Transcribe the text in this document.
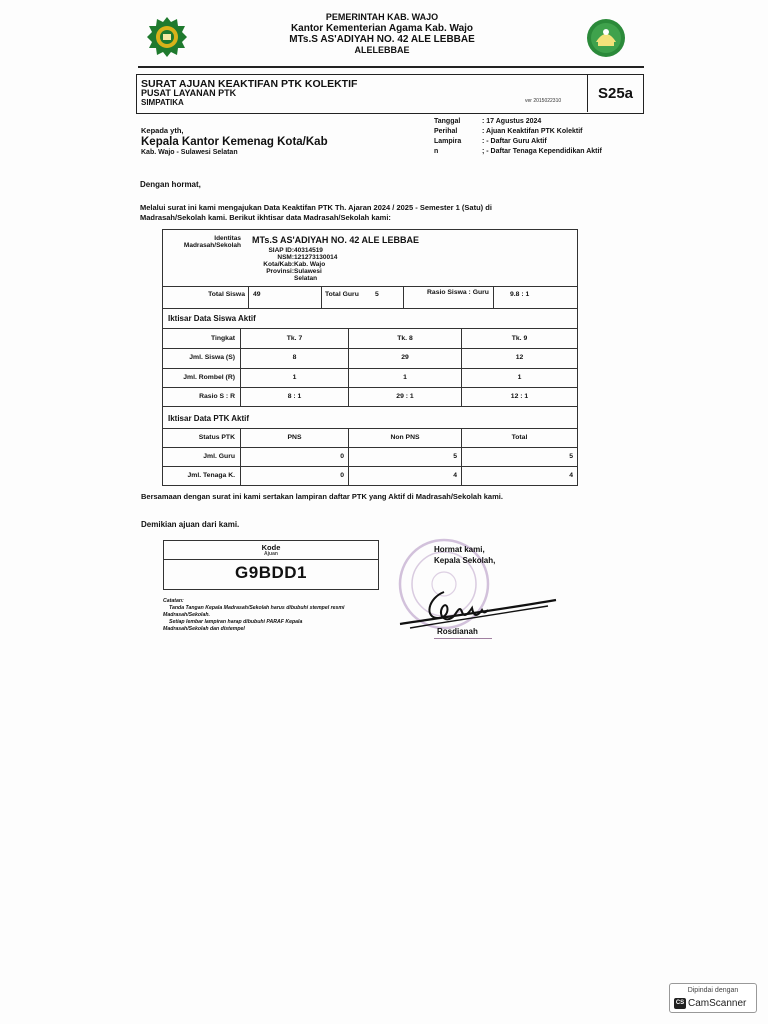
PEMERINTAH KAB. WAJO
Kantor Kementerian Agama Kab. Wajo
MTs.S AS'ADIYAH NO. 42 ALE LEBBAE
ALELEBBAE
SURAT AJUAN KEAKTIFAN PTK KOLEKTIF
PUSAT LAYANAN PTK
SIMPATIKA	ver 2015022310	S25a
Kepada yth,
Kepala Kantor Kemenag Kota/Kab
Kab. Wajo - Sulawesi Selatan
Tanggal	: 17 Agustus 2024
Perihal	: Ajuan Keaktifan PTK Kolektif
Lampira	: - Daftar Guru Aktif
n	; - Daftar Tenaga Kependidikan Aktif
Dengan hormat,
Melalui surat ini kami mengajukan Data Keaktifan PTK Th. Ajaran 2024 / 2025 - Semester 1 (Satu) di
Madrasah/Sekolah kami. Berikut ikhtisar data Madrasah/Sekolah kami:
Identitas Madrasah/Sekolah
MTs.S AS'ADIYAH NO. 42 ALE LEBBAE
SIAP ID: 40314519
NSM: 121273130014
Kota/Kab: Kab. Wajo
Provinsi: Sulawesi
Selatan
Total Siswa 49	Total Guru 5	Rasio Siswa : Guru	9.8 : 1
Iktisar Data Siswa Aktif
Tingkat	Tk. 7	Tk. 8	Tk. 9
Jml. Siswa (S)	8	29	12
Jml. Rombel (R)	1	1	1
Rasio S : R	8 : 1	29 : 1	12 : 1
Iktisar Data PTK Aktif
Status PTK	PNS	Non PNS	Total
Jml. Guru	0	5	5
Jml. Tenaga K.	0	4	4
Bersamaan dengan surat ini kami sertakan lampiran daftar PTK yang Aktif di Madrasah/Sekolah kami.
Demikian ajuan dari kami.
Kode
Ajuan
G9BDD1
Hormat kami,
Kepala Sekolah,
Rosdianah
Catatan:
Tanda Tangan Kepala Madrasah/Sekolah harus dibubuhi stempel resmi
Madrasah/Sekolah.
Setiap lembar lampiran harap dibubuhi PARAF Kepala
Madrasah/Sekolah dan distempel
Dipindai dengan
CS CamScanner
